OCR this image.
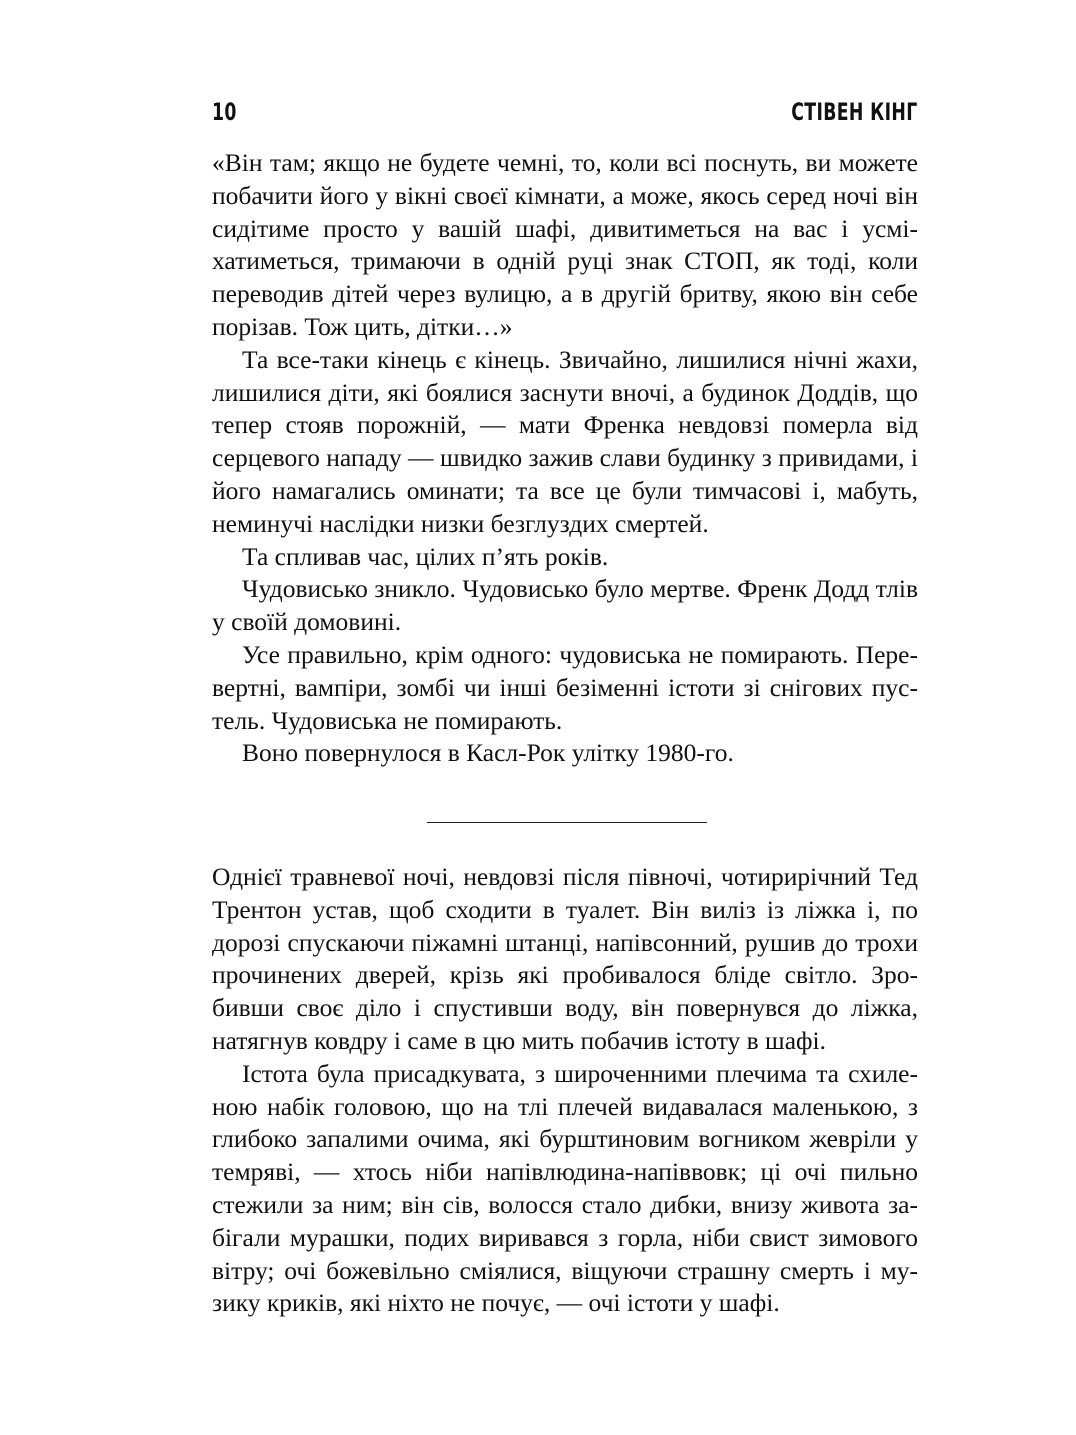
10	СТІВЕН КІНГ

«Він там; якщо не будете чемні, то, коли всі поснуть, ви можете побачити його у вікні своєї кімнати, а може, якось серед ночі він сидітиме просто у вашій шафі, дивитиметься на вас і усміхатиметься, тримаючи в одній руці знак СТОП, як тоді, коли переводив дітей через вулицю, а в другій бритву, якою він себе порізав. Тож цить, дітки…»

Та все-таки кінець є кінець. Звичайно, лишилися нічні жахи, лишилися діти, які боялися заснути вночі, а будинок Доддів, що тепер стояв порожній, — мати Френка невдовзі померла від серцевого нападу — швидко зажив слави будинку з привидами, і його намагались оминати; та все це були тимчасові і, мабуть, неминучі наслідки низки безглуздих смертей.

Та спливав час, цілих п’ять років.

Чудовисько зникло. Чудовисько було мертве. Френк Додд тлів у своїй домовині.

Усе правильно, крім одного: чудовиська не помирають. Перевертні, вампіри, зомбі чи інші безіменні істоти зі снігових пустель. Чудовиська не помирають.

Воно повернулося в Касл-Рок улітку 1980-го.

Однієї травневої ночі, невдовзі після півночі, чотирирічний Тед Трентон устав, щоб сходити в туалет. Він виліз із ліжка і, по дорозі спускаючи піжамні штанці, напівсонний, рушив до трохи прочинених дверей, крізь які пробивалося бліде світло. Зробивши своє діло і спустивши воду, він повернувся до ліжка, натягнув ковдру і саме в цю мить побачив істоту в шафі.

Істота була присадкувата, з широченними плечима та схиленою набік головою, що на тлі плечей видавалася маленькою, з глибоко запалими очима, які бурштиновим вогником жевріли у темряві, — хтось ніби напівлюдина-напіввовк; ці очі пильно стежили за ним; він сів, волосся стало дибки, внизу живота забігали мурашки, подих виривався з горла, ніби свист зимового вітру; очі божевільно сміялися, віщуючи страшну смерть і музику криків, які ніхто не почує, — очі істоти у шафі.
